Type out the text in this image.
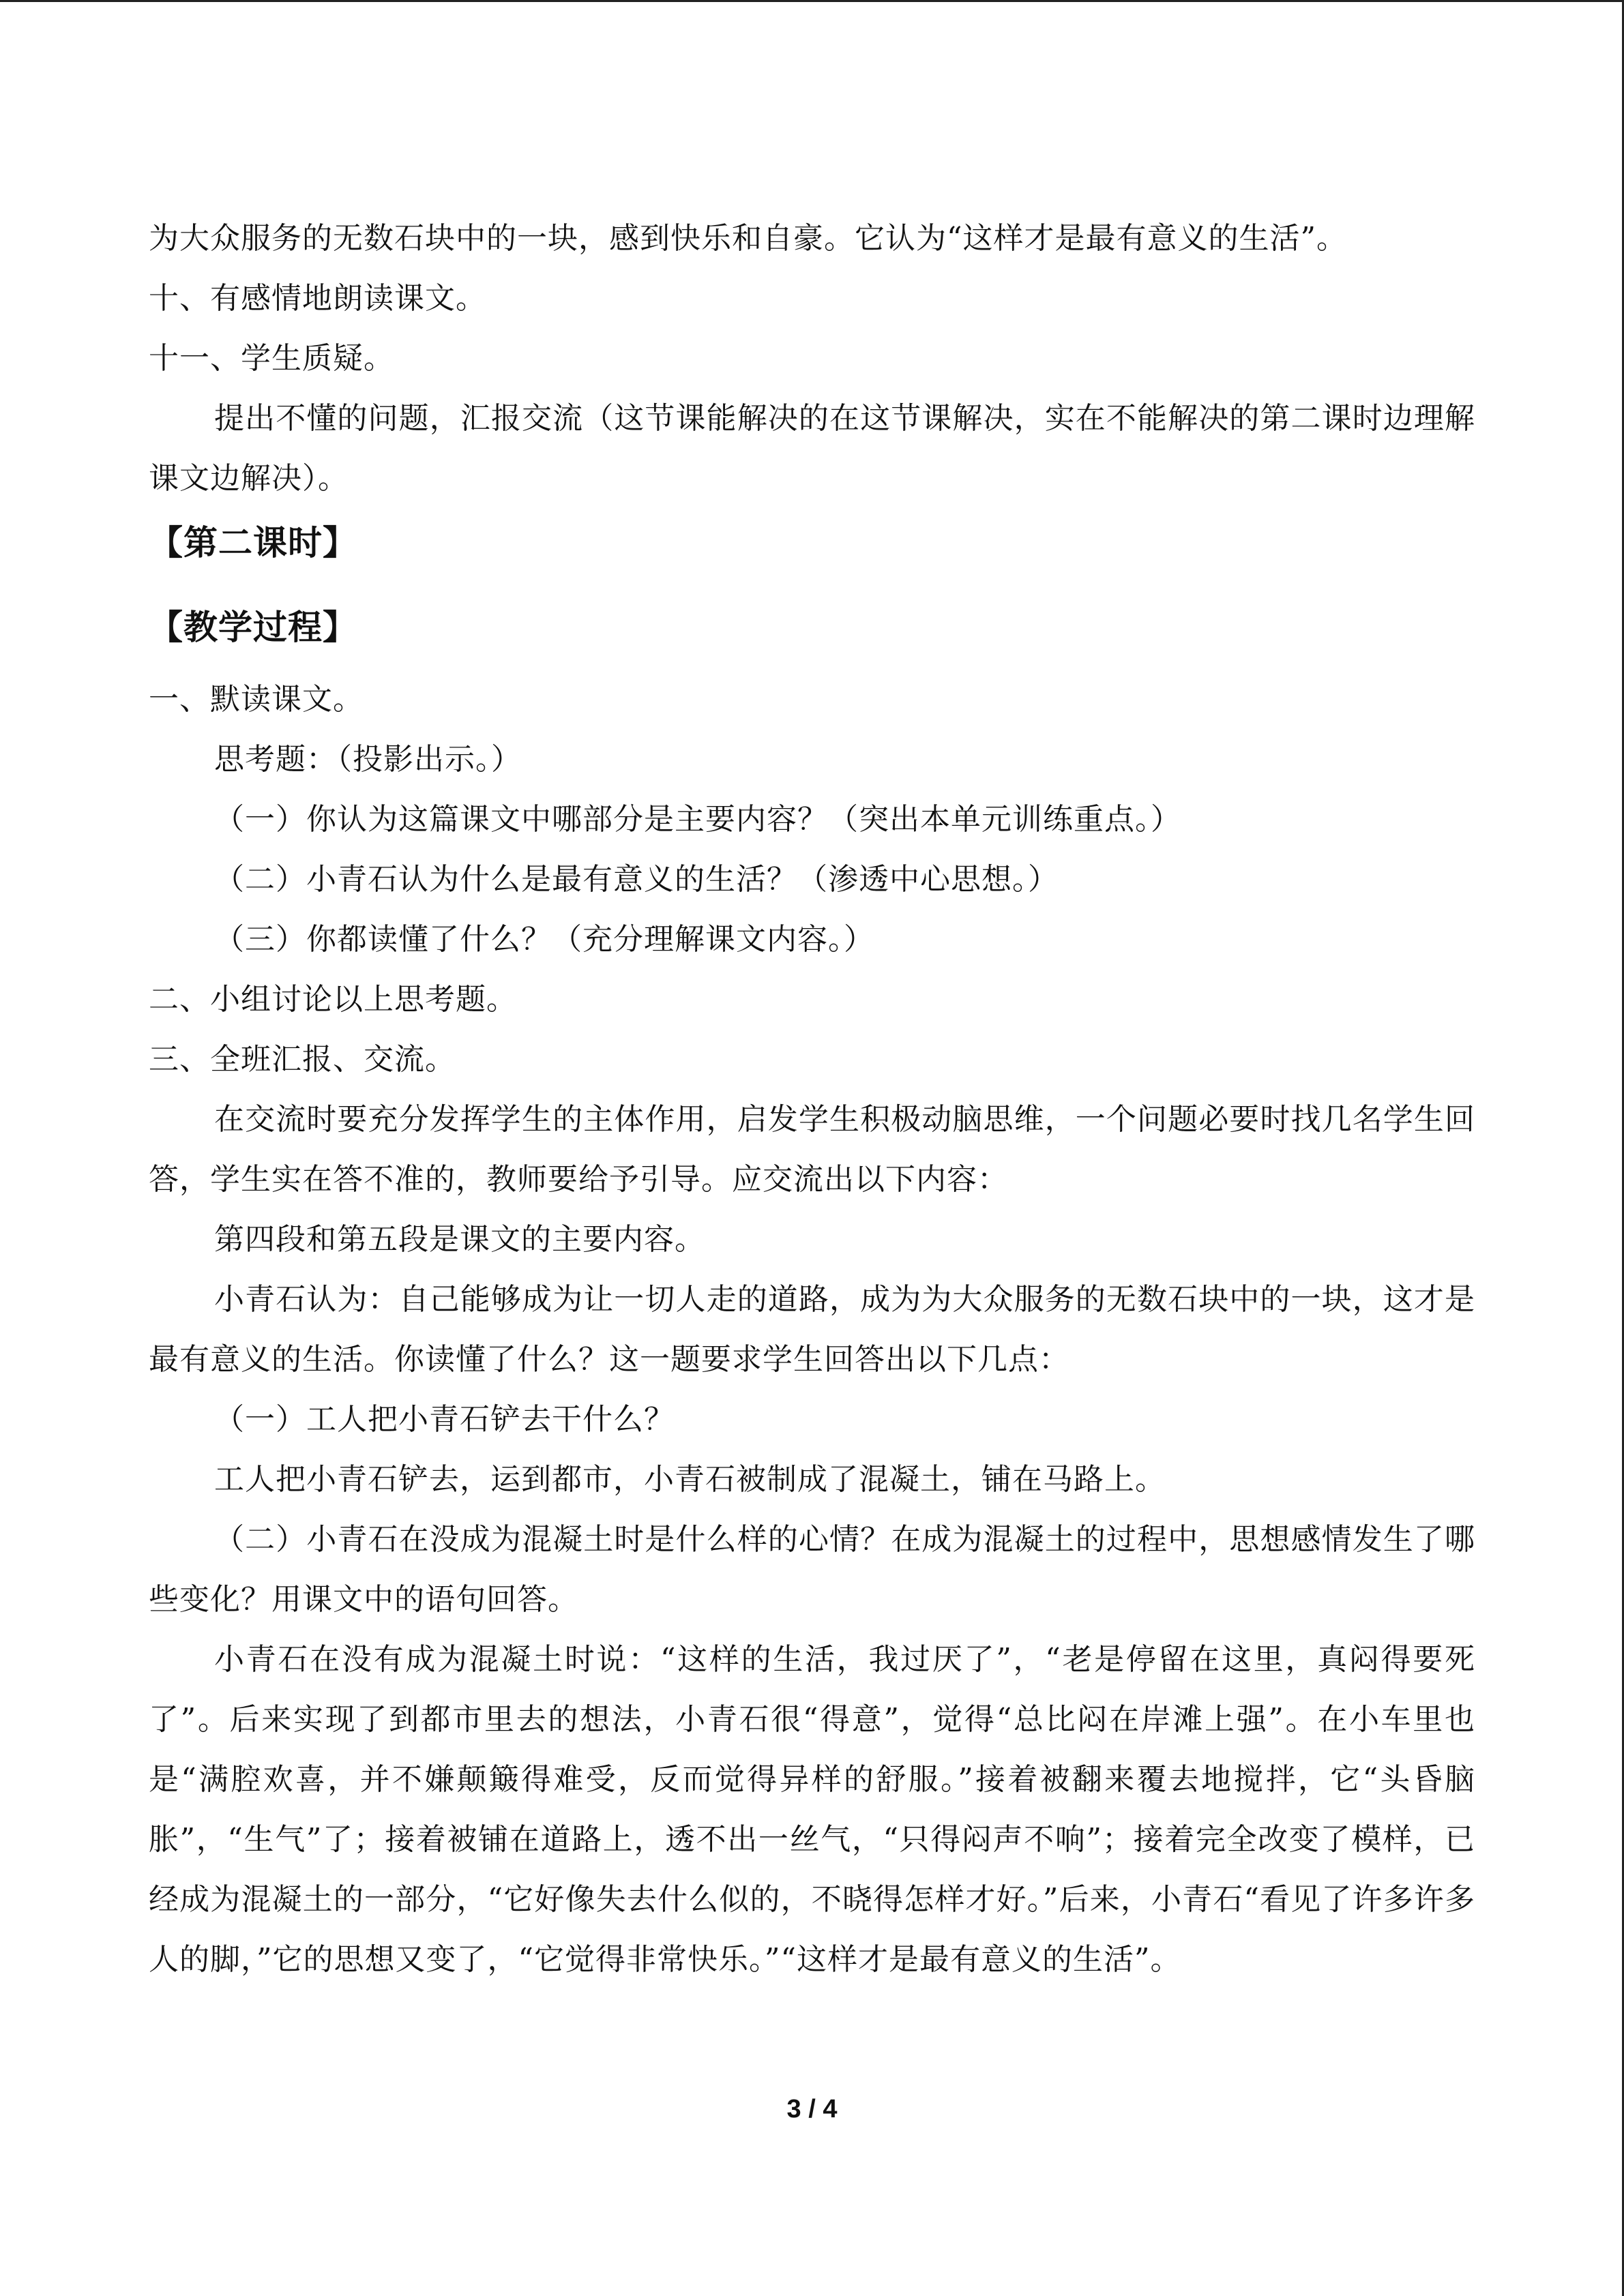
为大众服务的无数石块中的一块，感到快乐和自豪。它认为“这样才是最有意义的生活”。

十、有感情地朗读课文。

十一、学生质疑。

提出不懂的问题，汇报交流（这节课能解决的在这节课解决，实在不能解决的第二课时边理解课文边解决）。

【第二课时】

【教学过程】

一、默读课文。

思考题：（投影出示。）

（一）你认为这篇课文中哪部分是主要内容？（突出本单元训练重点。）

（二）小青石认为什么是最有意义的生活？（渗透中心思想。）

（三）你都读懂了什么？（充分理解课文内容。）

二、小组讨论以上思考题。

三、全班汇报、交流。

在交流时要充分发挥学生的主体作用，启发学生积极动脑思维，一个问题必要时找几名学生回答，学生实在答不准的，教师要给予引导。应交流出以下内容：

第四段和第五段是课文的主要内容。

小青石认为：自己能够成为让一切人走的道路，成为为大众服务的无数石块中的一块，这才是最有意义的生活。你读懂了什么？这一题要求学生回答出以下几点：

（一）工人把小青石铲去干什么？

工人把小青石铲去，运到都市，小青石被制成了混凝土，铺在马路上。

（二）小青石在没成为混凝土时是什么样的心情？在成为混凝土的过程中，思想感情发生了哪些变化？用课文中的语句回答。

小青石在没有成为混凝土时说：“这样的生活，我过厌了”，“老是停留在这里，真闷得要死了”。后来实现了到都市里去的想法，小青石很“得意”，觉得“总比闷在岸滩上强”。在小车里也是“满腔欢喜，并不嫌颠簸得难受，反而觉得异样的舒服。”接着被翻来覆去地搅拌，它“头昏脑胀”，“生气”了；接着被铺在道路上，透不出一丝气，“只得闷声不响”；接着完全改变了模样，已经成为混凝土的一部分，“它好像失去什么似的，不晓得怎样才好。”后来，小青石“看见了许多许多人的脚，”它的思想又变了，“它觉得非常快乐。”“这样才是最有意义的生活”。

3 / 4
